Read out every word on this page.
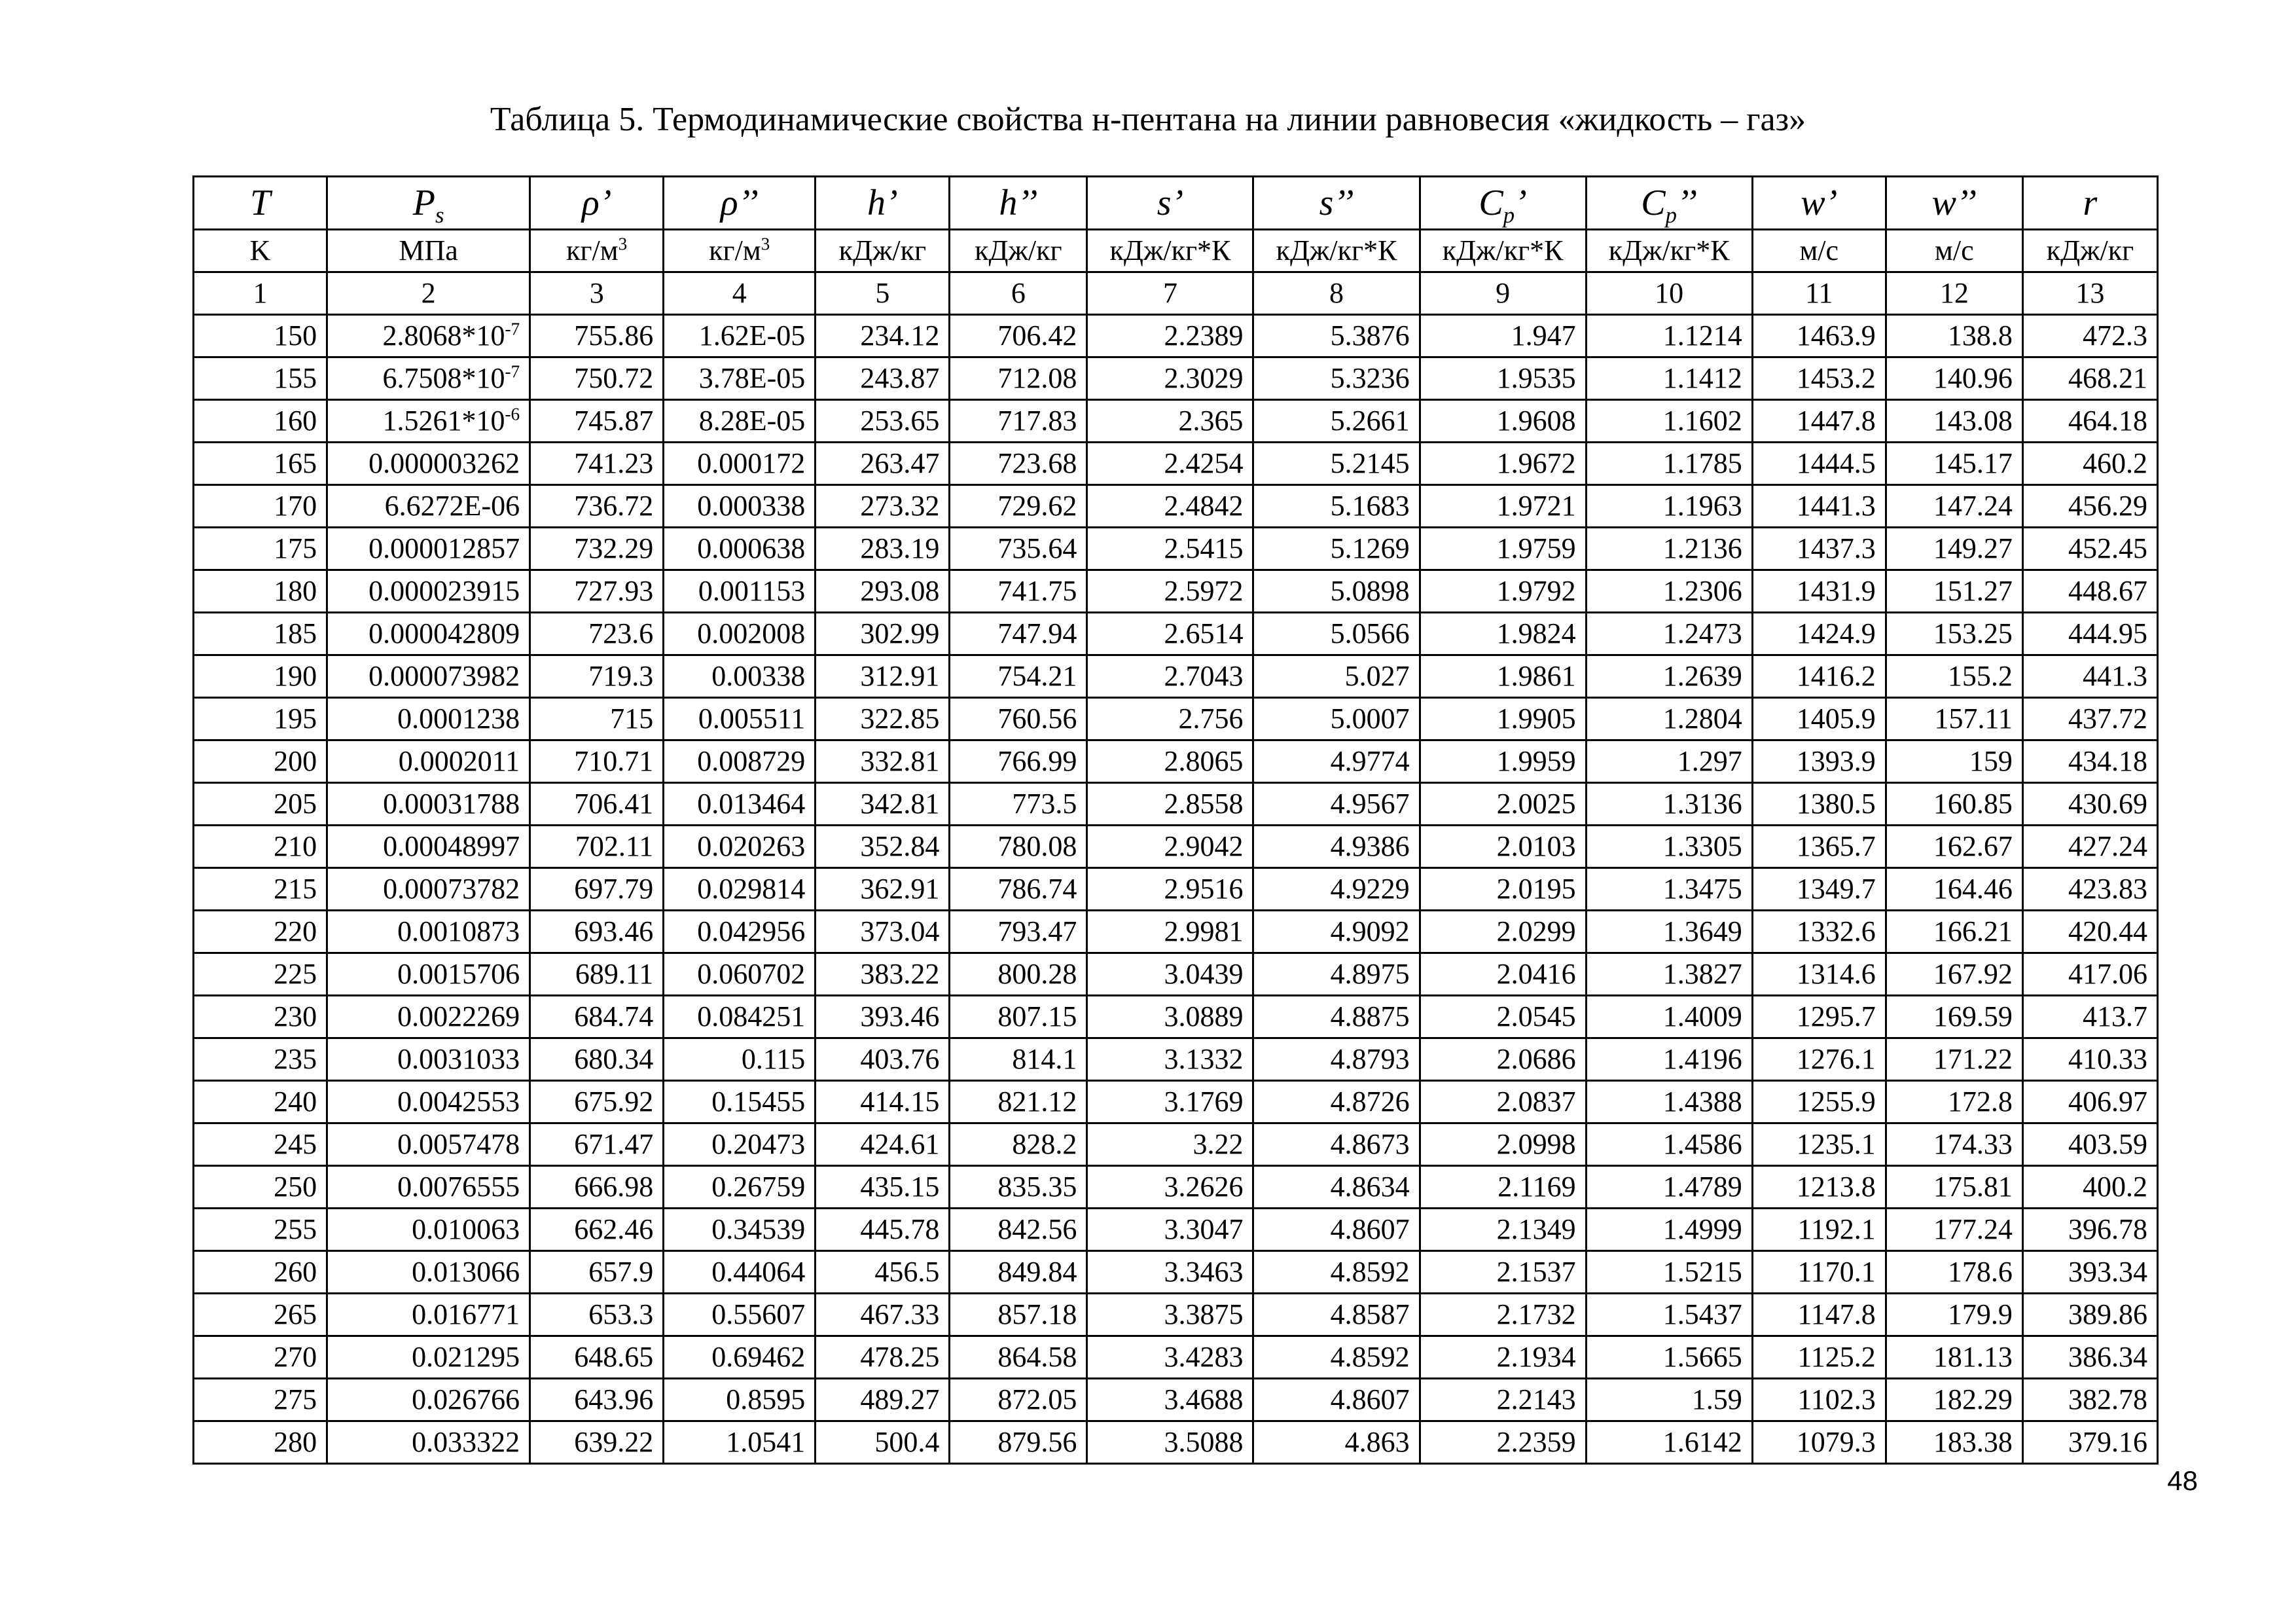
Таблица 5. Термодинамические свойства н-пентана на линии равновесия «жидкость – газ»
T	$P_s$	ρ’	ρ’’	h’	h’’	s’	s’’	$C_p$’	$C_p$’’	w’	w’’	r
K	МПа	$кг/м^3$	$кг/м^3$	кДж/кг	кДж/кг	кДж/кг*К	кДж/кг*К	кДж/кг*К	кДж/кг*К	м/с	м/с	кДж/кг
1	2	3	4	5	6	7	8	9	10	11	12	13
150	$2.8068*10^{-7}$	755.86	1.62E-05	234.12	706.42	2.2389	5.3876	1.947	1.1214	1463.9	138.8	472.3
155	$6.7508*10^{-7}$	750.72	3.78E-05	243.87	712.08	2.3029	5.3236	1.9535	1.1412	1453.2	140.96	468.21
160	$1.5261*10^{-6}$	745.87	8.28E-05	253.65	717.83	2.365	5.2661	1.9608	1.1602	1447.8	143.08	464.18
165	0.000003262	741.23	0.000172	263.47	723.68	2.4254	5.2145	1.9672	1.1785	1444.5	145.17	460.2
170	6.6272E-06	736.72	0.000338	273.32	729.62	2.4842	5.1683	1.9721	1.1963	1441.3	147.24	456.29
175	0.000012857	732.29	0.000638	283.19	735.64	2.5415	5.1269	1.9759	1.2136	1437.3	149.27	452.45
180	0.000023915	727.93	0.001153	293.08	741.75	2.5972	5.0898	1.9792	1.2306	1431.9	151.27	448.67
185	0.000042809	723.6	0.002008	302.99	747.94	2.6514	5.0566	1.9824	1.2473	1424.9	153.25	444.95
190	0.000073982	719.3	0.00338	312.91	754.21	2.7043	5.027	1.9861	1.2639	1416.2	155.2	441.3
195	0.0001238	715	0.005511	322.85	760.56	2.756	5.0007	1.9905	1.2804	1405.9	157.11	437.72
200	0.0002011	710.71	0.008729	332.81	766.99	2.8065	4.9774	1.9959	1.297	1393.9	159	434.18
205	0.00031788	706.41	0.013464	342.81	773.5	2.8558	4.9567	2.0025	1.3136	1380.5	160.85	430.69
210	0.00048997	702.11	0.020263	352.84	780.08	2.9042	4.9386	2.0103	1.3305	1365.7	162.67	427.24
215	0.00073782	697.79	0.029814	362.91	786.74	2.9516	4.9229	2.0195	1.3475	1349.7	164.46	423.83
220	0.0010873	693.46	0.042956	373.04	793.47	2.9981	4.9092	2.0299	1.3649	1332.6	166.21	420.44
225	0.0015706	689.11	0.060702	383.22	800.28	3.0439	4.8975	2.0416	1.3827	1314.6	167.92	417.06
230	0.0022269	684.74	0.084251	393.46	807.15	3.0889	4.8875	2.0545	1.4009	1295.7	169.59	413.7
235	0.0031033	680.34	0.115	403.76	814.1	3.1332	4.8793	2.0686	1.4196	1276.1	171.22	410.33
240	0.0042553	675.92	0.15455	414.15	821.12	3.1769	4.8726	2.0837	1.4388	1255.9	172.8	406.97
245	0.0057478	671.47	0.20473	424.61	828.2	3.22	4.8673	2.0998	1.4586	1235.1	174.33	403.59
250	0.0076555	666.98	0.26759	435.15	835.35	3.2626	4.8634	2.1169	1.4789	1213.8	175.81	400.2
255	0.010063	662.46	0.34539	445.78	842.56	3.3047	4.8607	2.1349	1.4999	1192.1	177.24	396.78
260	0.013066	657.9	0.44064	456.5	849.84	3.3463	4.8592	2.1537	1.5215	1170.1	178.6	393.34
265	0.016771	653.3	0.55607	467.33	857.18	3.3875	4.8587	2.1732	1.5437	1147.8	179.9	389.86
270	0.021295	648.65	0.69462	478.25	864.58	3.4283	4.8592	2.1934	1.5665	1125.2	181.13	386.34
275	0.026766	643.96	0.8595	489.27	872.05	3.4688	4.8607	2.2143	1.59	1102.3	182.29	382.78
280	0.033322	639.22	1.0541	500.4	879.56	3.5088	4.863	2.2359	1.6142	1079.3	183.38	379.16
48
